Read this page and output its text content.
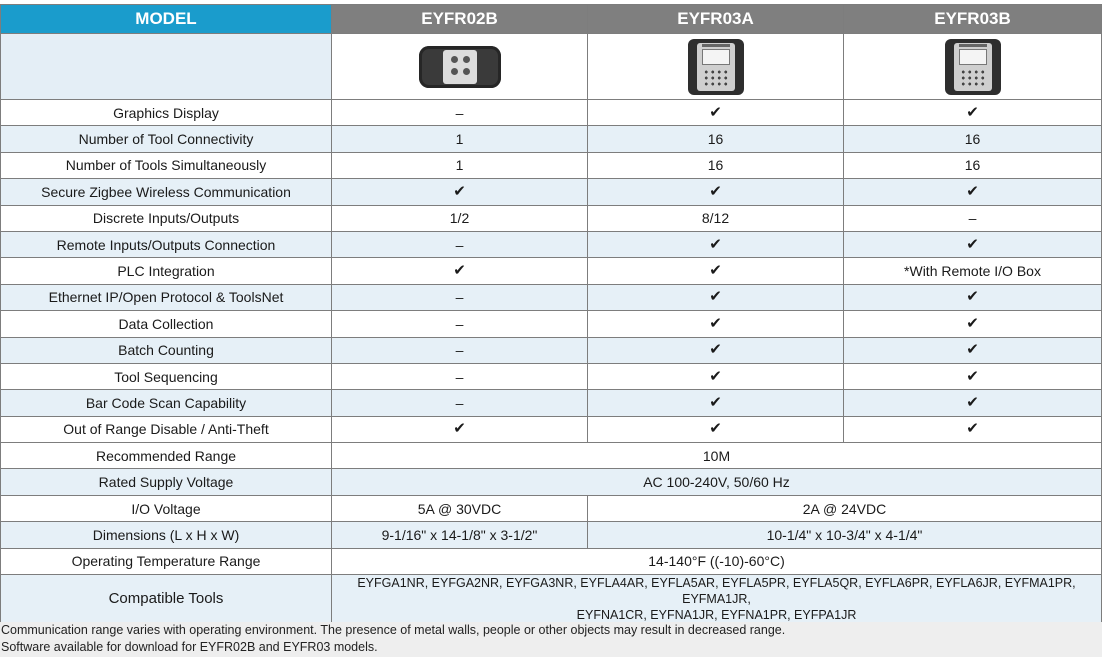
MODEL	EYFR02B	EYFR03A	EYFR03B

Graphics Display	–	✔	✔
Number of Tool Connectivity	1	16	16
Number of Tools Simultaneously	1	16	16
Secure Zigbee Wireless Communication	✔	✔	✔
Discrete Inputs/Outputs	1/2	8/12	–
Remote Inputs/Outputs Connection	–	✔	✔
PLC Integration	✔	✔	*With Remote I/O Box
Ethernet IP/Open Protocol & ToolsNet	–	✔	✔
Data Collection	–	✔	✔
Batch Counting	–	✔	✔
Tool Sequencing	–	✔	✔
Bar Code Scan Capability	–	✔	✔
Out of Range Disable / Anti-Theft	✔	✔	✔
Recommended Range	10M		
Rated Supply Voltage	AC 100-240V, 50/60 Hz		
I/O Voltage	5A @ 30VDC	2A @ 24VDC	
Dimensions (L x H x W)	9-1/16" x 14-1/8" x 3-1/2"	10-1/4" x 10-3/4" x 4-1/4"	
Operating Temperature Range	14-140°F ((-10)-60°C)		
Compatible Tools	EYFGA1NR, EYFGA2NR, EYFGA3NR, EYFLA4AR, EYFLA5AR, EYFLA5PR, EYFLA5QR, EYFLA6PR, EYFLA6JR, EYFMA1PR, EYFMA1JR,
EYFNA1CR, EYFNA1JR, EYFNA1PR, EYFPA1JR		
Communication range varies with operating environment. The presence of metal walls, people or other objects may result in decreased range.
Software available for download for EYFR02B and EYFR03 models.
